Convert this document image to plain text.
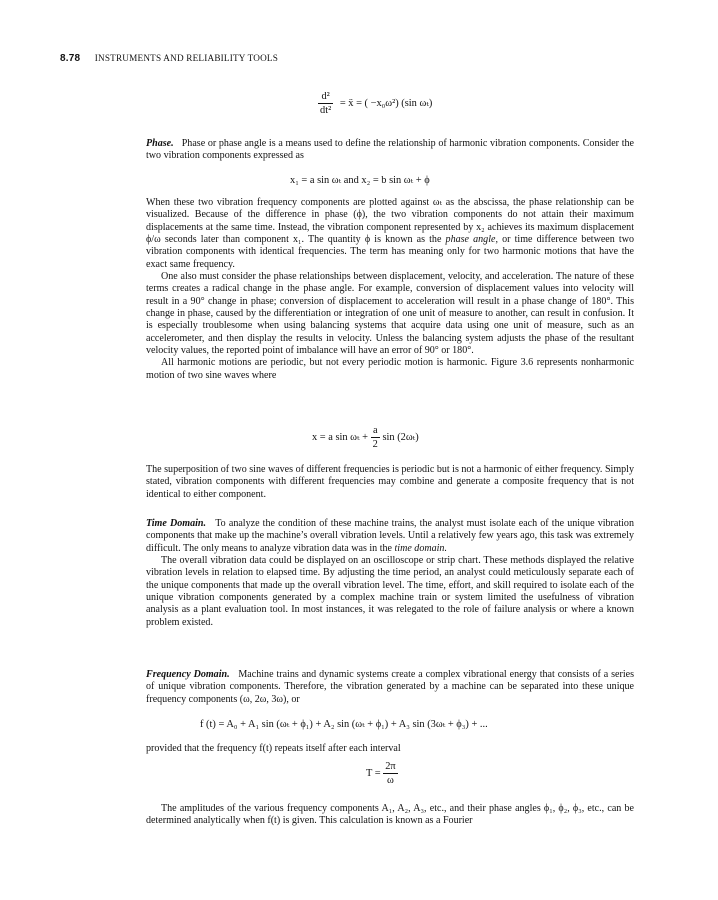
8.78 INSTRUMENTS AND RELIABILITY TOOLS
$\frac{\text{d²}}{\text{dt²}}$ = ẍ = ( −x₀ω²) (sin ωₜ)

Phase. Phase or phase angle is a means used to define the relationship of harmonic vibration components. Consider the two vibration components expressed as

x₁ = a sin ωₜ and x₂ = b sin ωₜ + ϕ

When these two vibration frequency components are plotted against ωₜ as the abscissa, the phase relationship can be visualized. Because of the difference in phase (ϕ), the two vibration components do not attain their maximum displacements at the same time. Instead, the vibration component represented by x₂ achieves its maximum displacement ϕ/ω seconds later than component x₁. The quantity ϕ is known as the phase angle, or time difference between two vibration components with identical frequencies. The term has meaning only for two harmonic motions that have the exact same frequency.

One also must consider the phase relationships between displacement, velocity, and acceleration. The nature of these terms creates a radical change in the phase angle. For example, conversion of displacement values into velocity will result in a 90° change in phase; conversion of displacement to acceleration will result in a phase change of 180°. This change in phase, caused by the differentiation or integration of one unit of measure to another, can result in confusion. It is especially troublesome when using balancing systems that acquire data using one unit of measure, such as an accelerometer, and then display the results in velocity. Unless the balancing system adjusts the phase of the resultant velocity values, the reported point of imbalance will have an error of 90° or 180°.

All harmonic motions are periodic, but not every periodic motion is harmonic. Figure 3.6 represents nonharmonic motion of two sine waves where

x = a $\sin \omega_t + \frac{a}{2}$ sin (2ωₜ)

The superposition of two sine waves of different frequencies is periodic but is not a harmonic of either frequency. Simply stated, vibration components with different frequencies may combine and generate a composite frequency that is not identical to either component.

Time Domain. To analyze the condition of these machine trains, the analyst must isolate each of the unique vibration components that make up the machine’s overall vibration levels. Until a relatively few years ago, this task was extremely difficult. The only means to analyze vibration data was in the time domain.

The overall vibration data could be displayed on an oscilloscope or strip chart. These methods displayed the relative vibration levels in relation to elapsed time. By adjusting the time period, an analyst could meticulously separate each of the unique components that made up the overall vibration level. The time, effort, and skill required to isolate each of the unique vibration components generated by a complex machine train or system limited the usefulness of vibration analysis as a plant evaluation tool. In most instances, it was relegated to the role of failure analysis or where a known problem existed.

Frequency Domain. Machine trains and dynamic systems create a complex vibrational energy that consists of a series of unique vibration components. Therefore, the vibration generated by a machine can be separated into these unique frequency components (ω, 2ω, 3ω), or

f (t) = A₀ + A₁ sin (ωₜ + ϕ₁) + A₂ sin (ωₜ + ϕ₁) + A₃ sin (3ωₜ + ϕ₃) + ...

provided that the frequency f(t) repeats itself after each interval

$T = \frac{2\pi}{\omega}$

The amplitudes of the various frequency components A₁, A₂, A₃, etc., and their phase angles ϕ₁, ϕ₂, ϕ₃, etc., can be determined analytically when f(t) is given. This calculation is known as a Fourier
